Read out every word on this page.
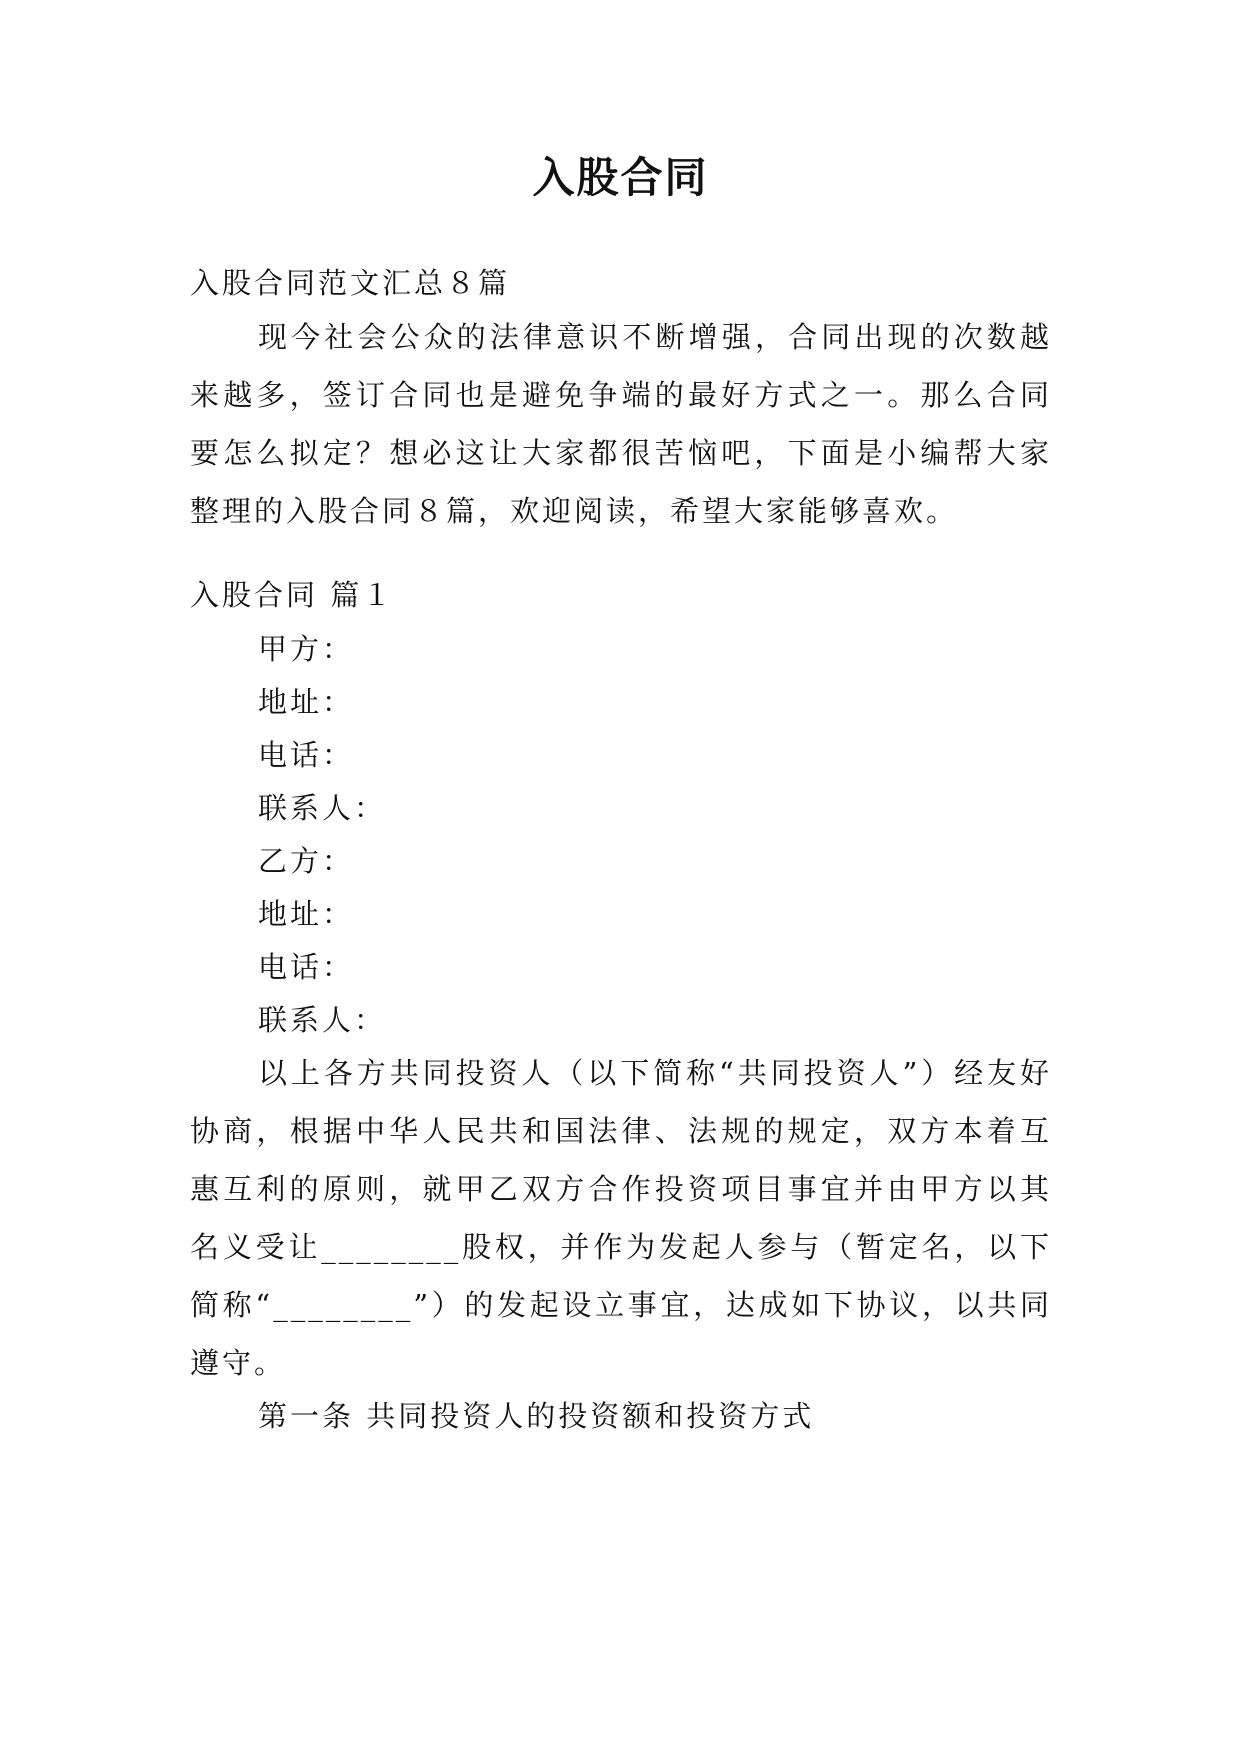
入股合同
入股合同范文汇总８篇

现今社会公众的法律意识不断增强，合同出现的次数越来越多，签订合同也是避免争端的最好方式之一。那么合同要怎么拟定？想必这让大家都很苦恼吧，下面是小编帮大家整理的入股合同８篇，欢迎阅读，希望大家能够喜欢。

入股合同 篇１
甲方：
地址：
电话：
联系人：
乙方：
地址：
电话：
联系人：

以上各方共同投资人（以下简称“共同投资人”）经友好协商，根据中华人民共和国法律、法规的规定，双方本着互惠互利的原则，就甲乙双方合作投资项目事宜并由甲方以其名义受让________股权，并作为发起人参与（暂定名，以下简称“________”）的发起设立事宜，达成如下协议，以共同遵守。

第一条 共同投资人的投资额和投资方式
